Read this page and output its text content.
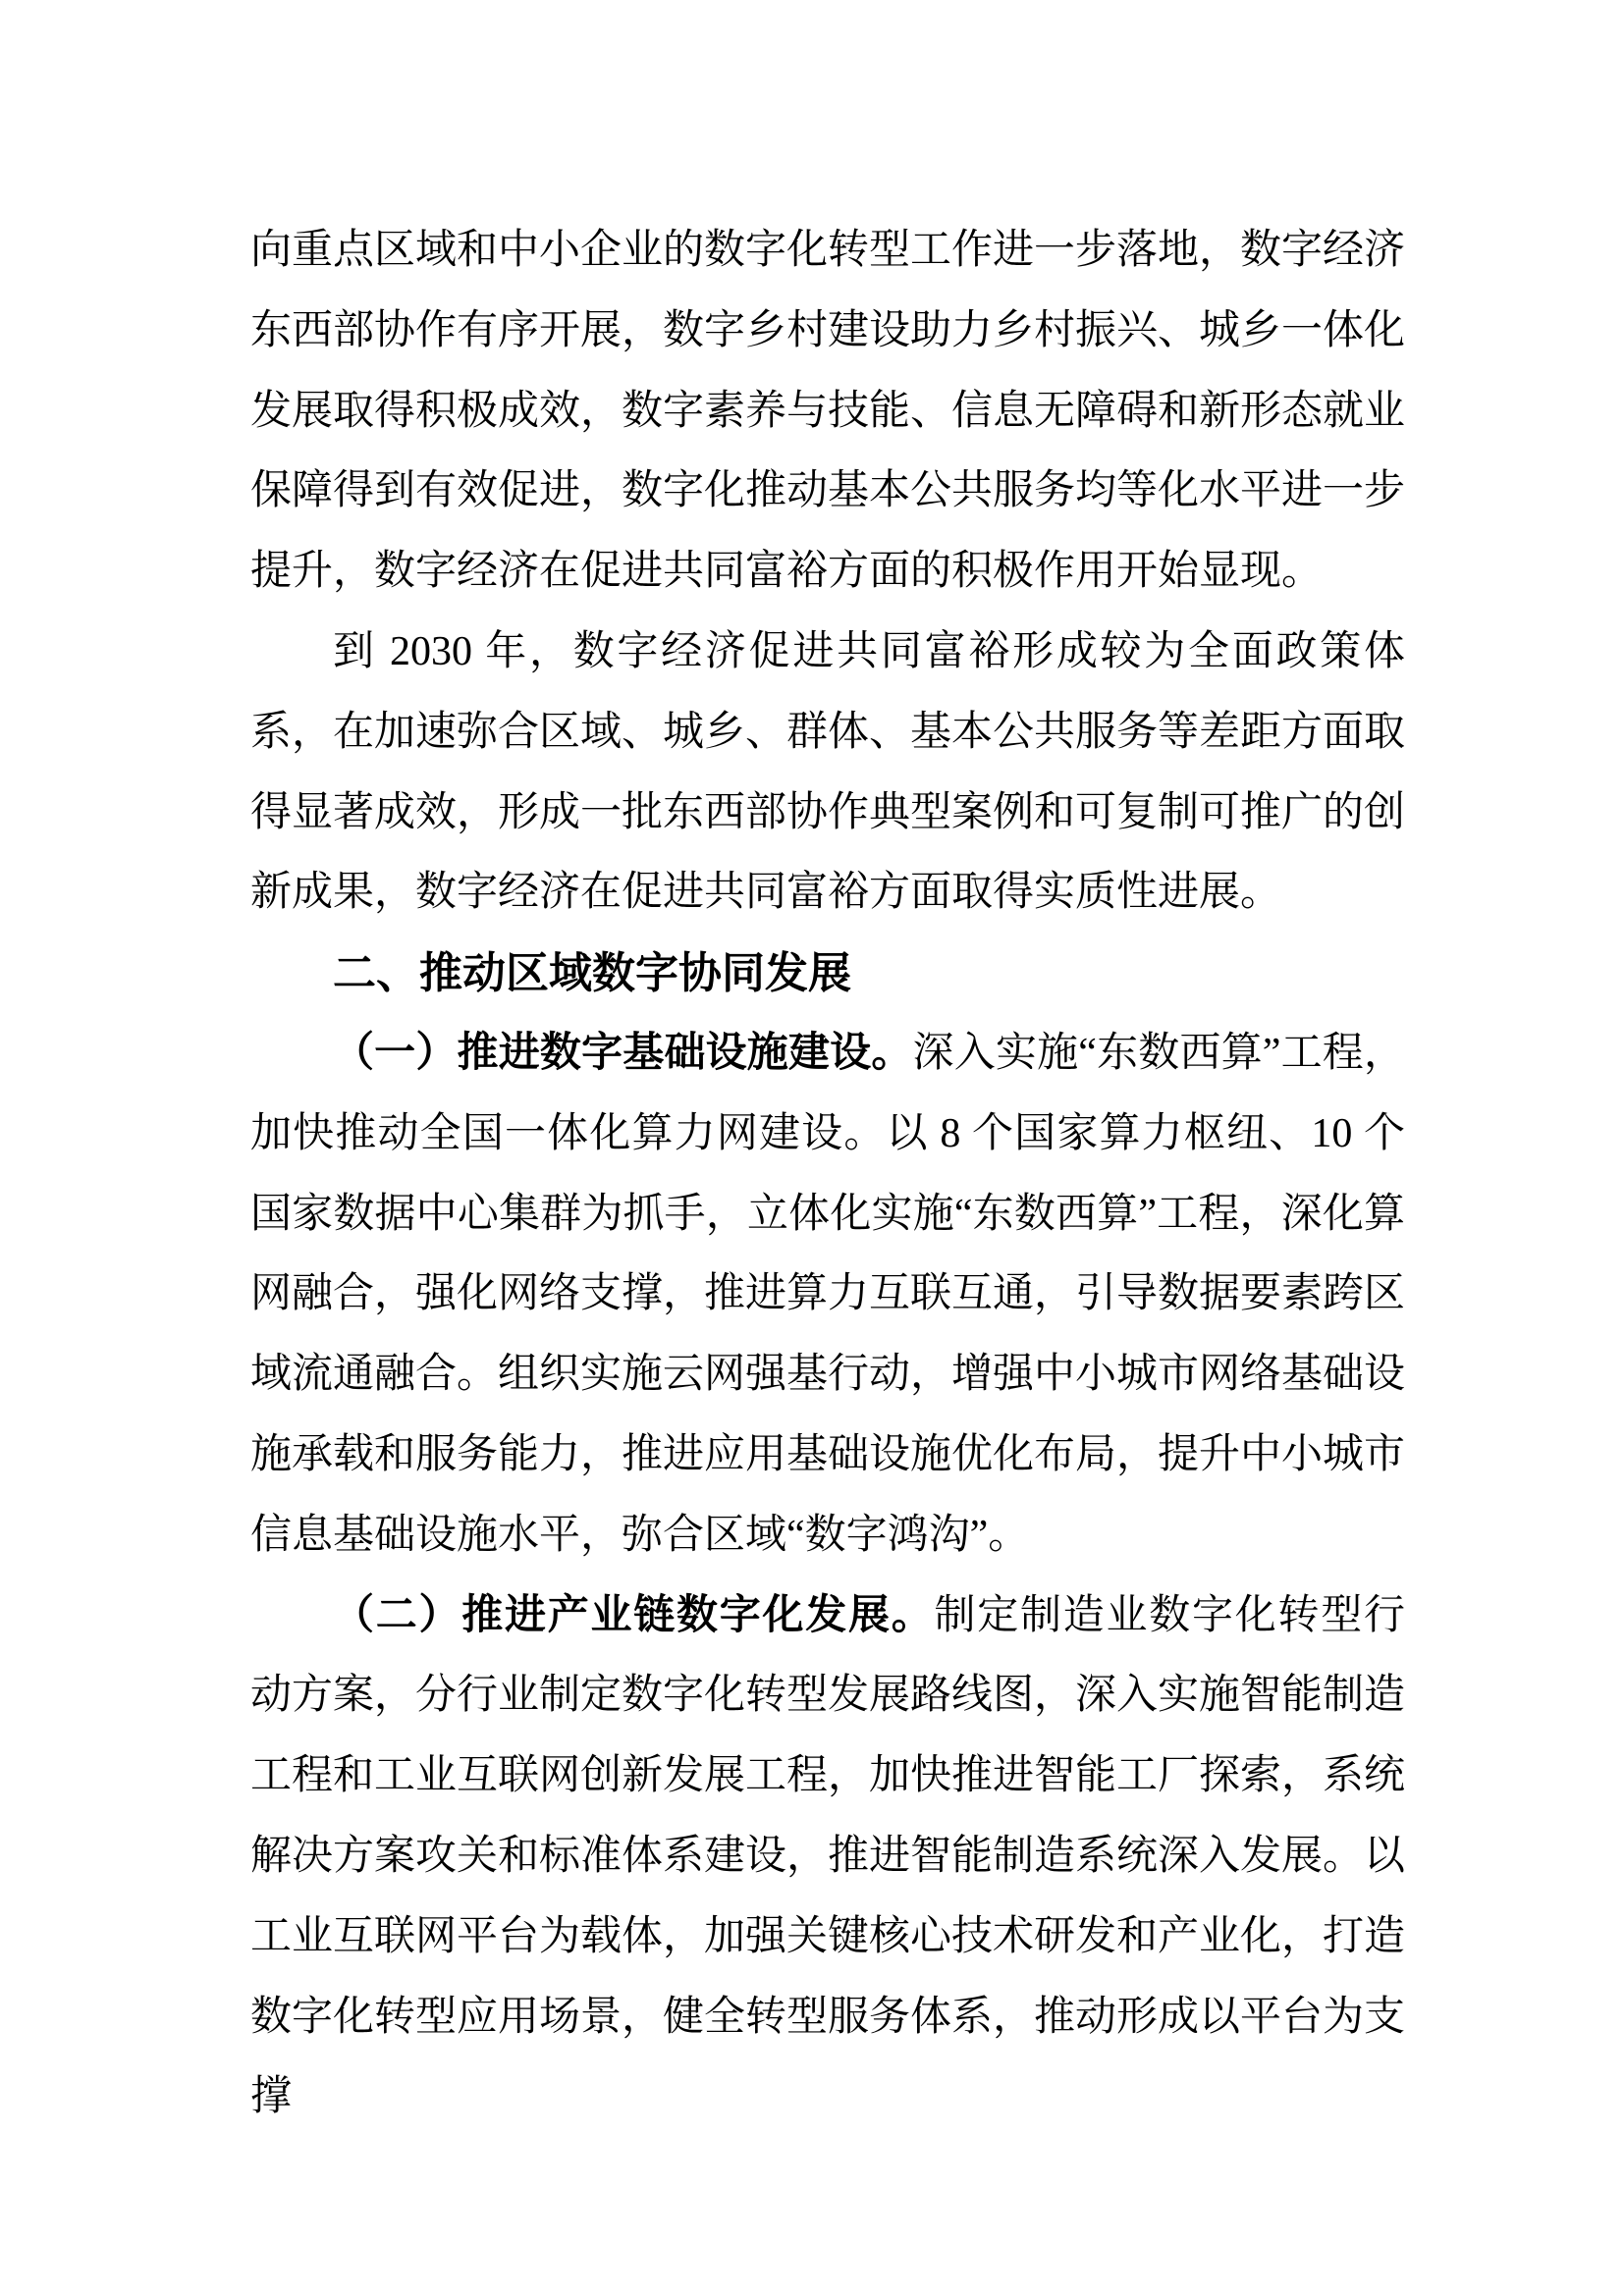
向重点区域和中小企业的数字化转型工作进一步落地，数字经济东西部协作有序开展，数字乡村建设助力乡村振兴、城乡一体化发展取得积极成效，数字素养与技能、信息无障碍和新形态就业保障得到有效促进，数字化推动基本公共服务均等化水平进一步提升，数字经济在促进共同富裕方面的积极作用开始显现。

到 2030 年，数字经济促进共同富裕形成较为全面政策体系，在加速弥合区域、城乡、群体、基本公共服务等差距方面取得显著成效，形成一批东西部协作典型案例和可复制可推广的创新成果，数字经济在促进共同富裕方面取得实质性进展。

二、推动区域数字协同发展

（一）推进数字基础设施建设。深入实施“东数西算”工程，加快推动全国一体化算力网建设。以 8 个国家算力枢纽、10 个国家数据中心集群为抓手，立体化实施“东数西算”工程，深化算网融合，强化网络支撑，推进算力互联互通，引导数据要素跨区域流通融合。组织实施云网强基行动，增强中小城市网络基础设施承载和服务能力，推进应用基础设施优化布局，提升中小城市信息基础设施水平，弥合区域“数字鸿沟”。

（二）推进产业链数字化发展。制定制造业数字化转型行动方案，分行业制定数字化转型发展路线图，深入实施智能制造工程和工业互联网创新发展工程，加快推进智能工厂探索，系统解决方案攻关和标准体系建设，推进智能制造系统深入发展。以工业互联网平台为载体，加强关键核心技术研发和产业化，打造数字化转型应用场景，健全转型服务体系，推动形成以平台为支撑
